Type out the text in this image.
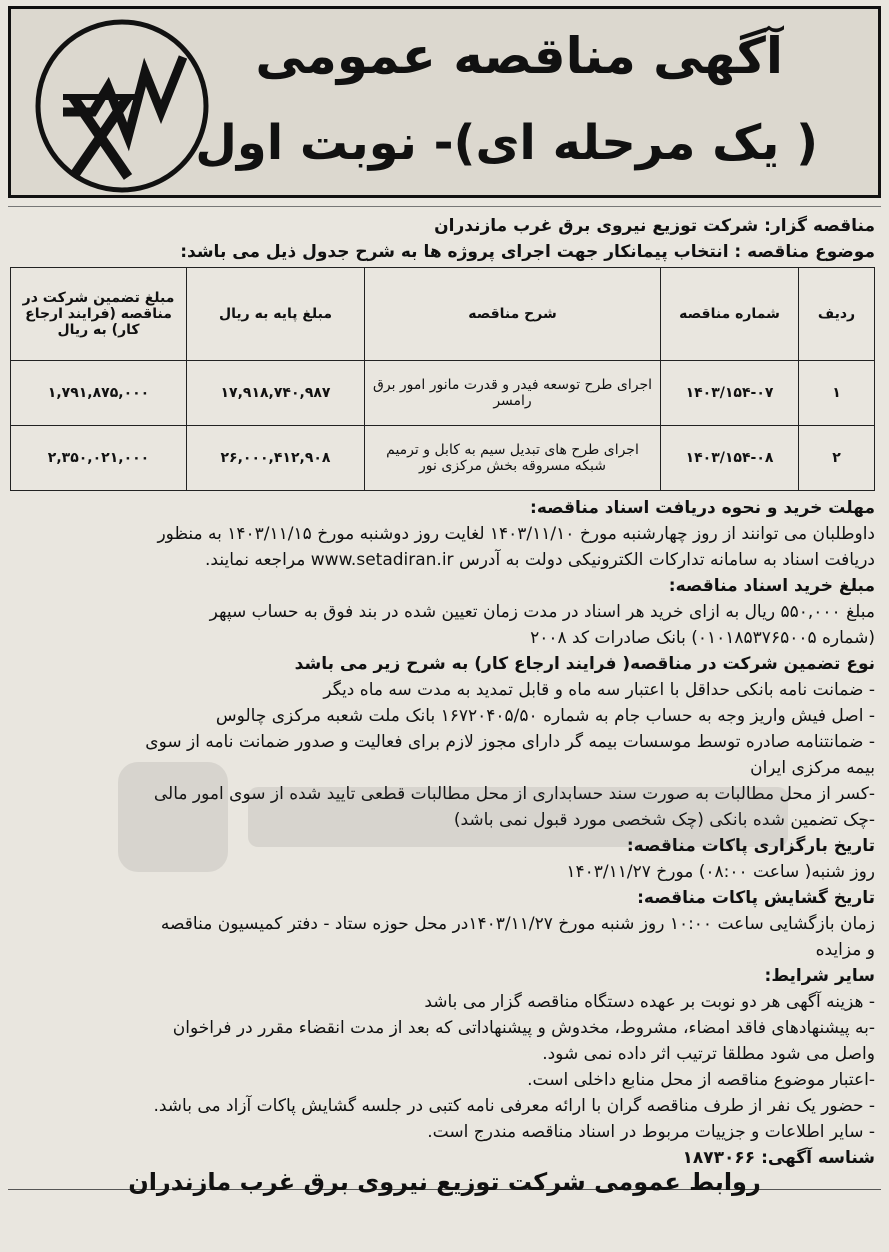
آگهی مناقصه عمومی
( یک مرحله ای)- نوبت اول
مناقصه گزار: شرکت توزیع نیروی برق غرب مازندران
موضوع مناقصه : انتخاب پیمانکار جهت اجرای پروژه ها به شرح جدول ذیل می باشد:
ردیف	شماره مناقصه	شرح مناقصه	مبلغ پایه به ریال	مبلغ تضمین شرکت در مناقصه (فرایند ارجاع کار) به ریال
۱	۱۴۰۳/۱۵۴-۰۷	اجرای طرح توسعه فیدر و قدرت مانور امور برق رامسر	۱۷,۹۱۸,۷۴۰,۹۸۷	۱,۷۹۱,۸۷۵,۰۰۰
۲	۱۴۰۳/۱۵۴-۰۸	اجرای طرح های تبدیل سیم به کابل و ترمیم شبکه مسروقه بخش مرکزی نور	۲۶,۰۰۰,۴۱۲,۹۰۸	۲,۳۵۰,۰۲۱,۰۰۰
مهلت خرید و نحوه دریافت اسناد مناقصه:
داوطلبان می توانند از روز چهارشنبه مورخ ۱۴۰۳/۱۱/۱۰ لغایت روز دوشنبه مورخ ۱۴۰۳/۱۱/۱۵ به منظور
دریافت اسناد به سامانه تدارکات الکترونیکی دولت به آدرس www.setadiran.ir مراجعه نمایند.
مبلغ خرید اسناد مناقصه:
مبلغ ۵۵۰,۰۰۰ ریال به ازای خرید هر اسناد در مدت زمان تعیین شده در بند فوق به حساب سپهر
(شماره ۰۱۰۱۸۵۳۷۶۵۰۰۵) بانک صادرات کد ۲۰۰۸
نوع تضمین شرکت در مناقصه( فرایند ارجاع کار) به شرح زیر می باشد
- ضمانت نامه بانکی حداقل با اعتبار سه ماه و قابل تمدید به مدت سه ماه دیگر
- اصل فیش واریز وجه به حساب جام به شماره ۱۶۷۲۰۴۰۵/۵۰ بانک ملت شعبه مرکزی چالوس
- ضمانتنامه صادره توسط موسسات بیمه گر دارای مجوز لازم برای فعالیت و صدور ضمانت نامه از سوی
بیمه مرکزی ایران
-کسر از محل مطالبات به صورت سند حسابداری از محل مطالبات قطعی تایید شده از سوی امور مالی
-چک تضمین شده بانکی (چک شخصی مورد قبول نمی باشد)
تاریخ بارگزاری پاکات مناقصه:
روز شنبه( ساعت ۰۸:۰۰) مورخ ۱۴۰۳/۱۱/۲۷
تاریخ گشایش پاکات مناقصه:
زمان بازگشایی ساعت ۱۰:۰۰ روز شنبه مورخ ۱۴۰۳/۱۱/۲۷در محل حوزه ستاد - دفتر کمیسیون مناقصه
و مزایده
سایر شرایط:
- هزینه آگهی هر دو نوبت بر عهده دستگاه مناقصه گزار می باشد
-به پیشنهادهای فاقد امضاء، مشروط، مخدوش و پیشنهاداتی که بعد از مدت انقضاء مقرر در فراخوان
واصل می شود مطلقا ترتیب اثر داده نمی شود.
-اعتبار موضوع مناقصه از محل منابع داخلی است.
- حضور یک نفر از طرف مناقصه گران با ارائه معرفی نامه کتبی در جلسه گشایش پاکات آزاد می باشد.
- سایر اطلاعات و جزییات مربوط در اسناد مناقصه مندرج است.
شناسه آگهی: ۱۸۷۳۰۶۶
روابط عمومی شرکت توزیع نیروی برق غرب مازندران
